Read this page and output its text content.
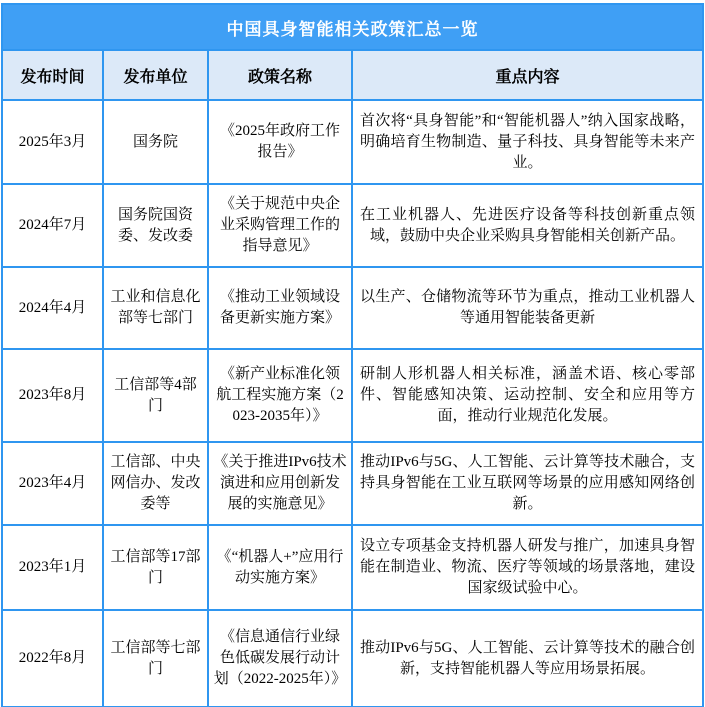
中国具身智能相关政策汇总一览			
发布时间	发布单位	政策名称	重点内容
2025年3月	国务院	《2025年政府工作报告》	首次将“具身智能”和“智能机器人”纳入国家战略，明确培育生物制造、量子科技、具身智能等未来产业。
2024年7月	国务院国资委、发改委	《关于规范中央企业采购管理工作的指导意见》	在工业机器人、先进医疗设备等科技创新重点领域，鼓励中央企业采购具身智能相关创新产品。
2024年4月	工业和信息化部等七部门	《推动工业领域设备更新实施方案》	以生产、仓储物流等环节为重点，推动工业机器人等通用智能装备更新
2023年8月	工信部等4部门	《新产业标准化领航工程实施方案（2023-2035年）》	研制人形机器人相关标准，涵盖术语、核心零部件、智能感知决策、运动控制、安全和应用等方面，推动行业规范化发展。
2023年4月	工信部、中央网信办、发改委等	《关于推进IPv6技术演进和应用创新发展的实施意见》	推动IPv6与5G、人工智能、云计算等技术融合，支持具身智能在工业互联网等场景的应用感知网络创新。
2023年1月	工信部等17部门	《“机器人+”应用行动实施方案》	设立专项基金支持机器人研发与推广，加速具身智能在制造业、物流、医疗等领域的场景落地，建设国家级试验中心。
2022年8月	工信部等七部门	《信息通信行业绿色低碳发展行动计划（2022-2025年）》	推动IPv6与5G、人工智能、云计算等技术的融合创新，支持智能机器人等应用场景拓展。
